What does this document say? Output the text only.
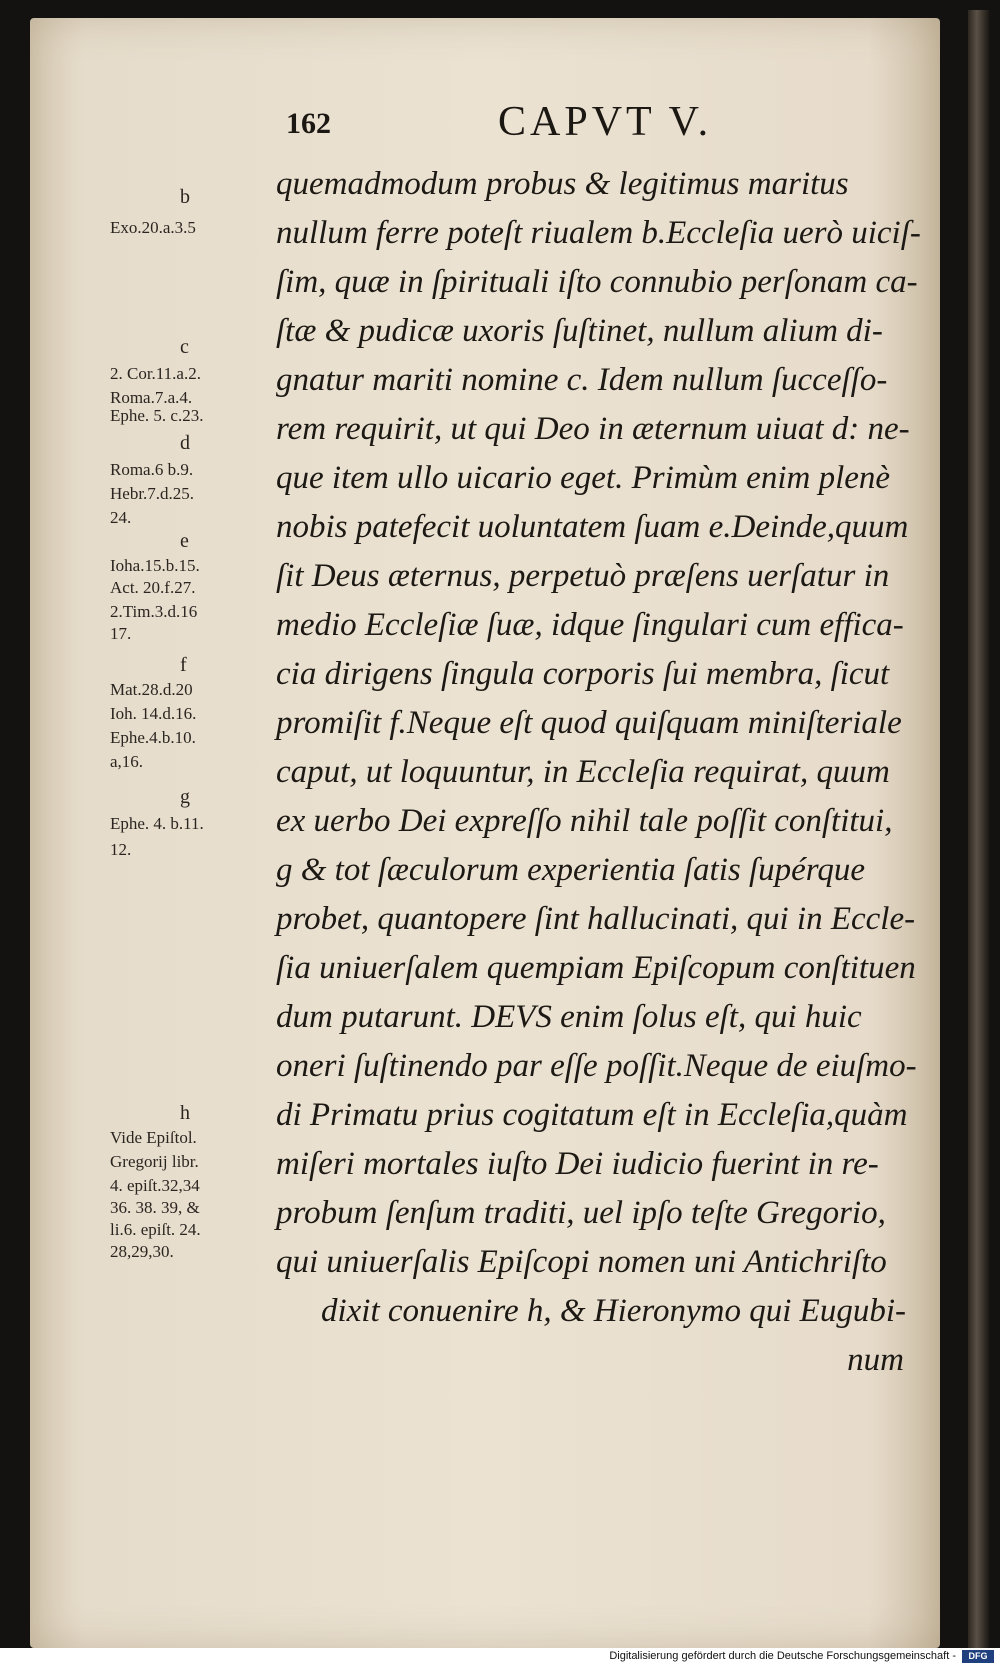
162	CAPVT V.
quemadmodum probus & legitimus maritus
nullum ferre poteſt riualem b.Eccleſia uerò uiciſ-
ſim, quæ in ſpirituali iſto connubio perſonam ca-
ſtæ & pudicæ uxoris ſuſtinet, nullum alium di-
gnatur mariti nomine c. Idem nullum ſucceſſo-
rem requirit, ut qui Deo in æternum uiuat d: ne-
que item ullo uicario eget. Primùm enim plenè
nobis patefecit uoluntatem ſuam e.Deinde,quum
ſit Deus æternus, perpetuò præſens uerſatur in
medio Eccleſiæ ſuæ, idque ſingulari cum effica-
cia dirigens ſingula corporis ſui membra, ſicut
promiſit f.Neque eſt quod quiſquam miniſteriale
caput, ut loquuntur, in Eccleſia requirat, quum
ex uerbo Dei expreſſo nihil tale poſſit conſtitui,
g & tot ſæculorum experientia ſatis ſupérque
probet, quantopere ſint hallucinati, qui in Eccle-
ſia uniuerſalem quempiam Epiſcopum conſtituen
dum putarunt. DEVS enim ſolus eſt, qui huic
oneri ſuſtinendo par eſſe poſſit.Neque de eiuſmo-
di Primatu prius cogitatum eſt in Eccleſia,quàm
miſeri mortales iuſto Dei iudicio fuerint in re-
probum ſenſum traditi, uel ipſo teſte Gregorio,
qui uniuerſalis Epiſcopi nomen uni Antichriſto
dixit conuenire h, & Hieronymo qui Eugubi-
num
b
Exo.20.a.3.5
c
2. Cor.11.a.2.
Roma.7.a.4.
Ephe. 5. c.23.
d
Roma.6 b.9.
Hebr.7.d.25.
24.
e
Ioha.15.b.15.
Act. 20.f.27.
2.Tim.3.d.16
17.
f
Mat.28.d.20
Ioh. 14.d.16.
Ephe.4.b.10.
a,16.
g
Ephe. 4. b.11.
12.
h
Vide Epiſtol.
Gregorij libr.
4. epiſt.32,34
36. 38. 39, &
li.6. epiſt. 24.
28,29,30.
Digitalisierung gefördert durch die Deutsche Forschungsgemeinschaft -	DFG
